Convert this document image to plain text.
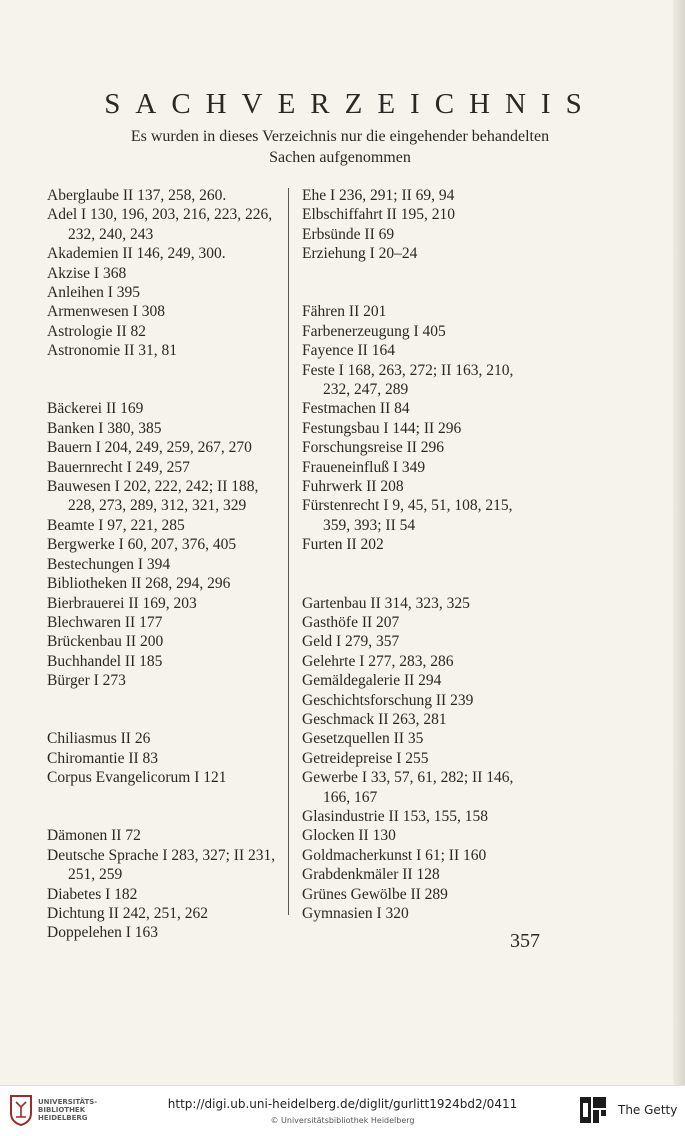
SACHVERZEICHNIS
Es wurden in dieses Verzeichnis nur die eingehender behandelten
Sachen aufgenommen
Aberglaube II 137, 258, 260.
Adel I 130, 196, 203, 216, 223, 226, 232, 240, 243
Akademien II 146, 249, 300.
Akzise I 368
Anleihen I 395
Armenwesen I 308
Astrologie II 82
Astronomie II 31, 81
Bäckerei II 169
Banken I 380, 385
Bauern I 204, 249, 259, 267, 270
Bauernrecht I 249, 257
Bauwesen I 202, 222, 242; II 188, 228, 273, 289, 312, 321, 329
Beamte I 97, 221, 285
Bergwerke I 60, 207, 376, 405
Bestechungen I 394
Bibliotheken II 268, 294, 296
Bierbrauerei II 169, 203
Blechwaren II 177
Brückenbau II 200
Buchhandel II 185
Bürger I 273
Chiliasmus II 26
Chiromantie II 83
Corpus Evangelicorum I 121
Dämonen II 72
Deutsche Sprache I 283, 327; II 231, 251, 259
Diabetes I 182
Dichtung II 242, 251, 262
Doppelehen I 163
Ehe I 236, 291; II 69, 94
Elbschiffahrt II 195, 210
Erbsünde II 69
Erziehung I 20–24
Fähren II 201
Farbenerzeugung I 405
Fayence II 164
Feste I 168, 263, 272; II 163, 210, 232, 247, 289
Festmachen II 84
Festungsbau I 144; II 296
Forschungsreise II 296
Fraueneinfluß I 349
Fuhrwerk II 208
Fürstenrecht I 9, 45, 51, 108, 215, 359, 393; II 54
Furten II 202
Gartenbau II 314, 323, 325
Gasthöfe II 207
Geld I 279, 357
Gelehrte I 277, 283, 286
Gemäldegalerie II 294
Geschichtsforschung II 239
Geschmack II 263, 281
Gesetzquellen II 35
Getreidepreise I 255
Gewerbe I 33, 57, 61, 282; II 146, 166, 167
Glasindustrie II 153, 155, 158
Glocken II 130
Goldmacherkunst I 61; II 160
Grabdenkmäler II 128
Grünes Gewölbe II 289
Gymnasien I 320
357
UNIVERSITÄTS-
BIBLIOTHEK
HEIDELBERG
http://digi.ub.uni-heidelberg.de/diglit/gurlitt1924bd2/0411
© Universitätsbibliothek Heidelberg
The Getty
